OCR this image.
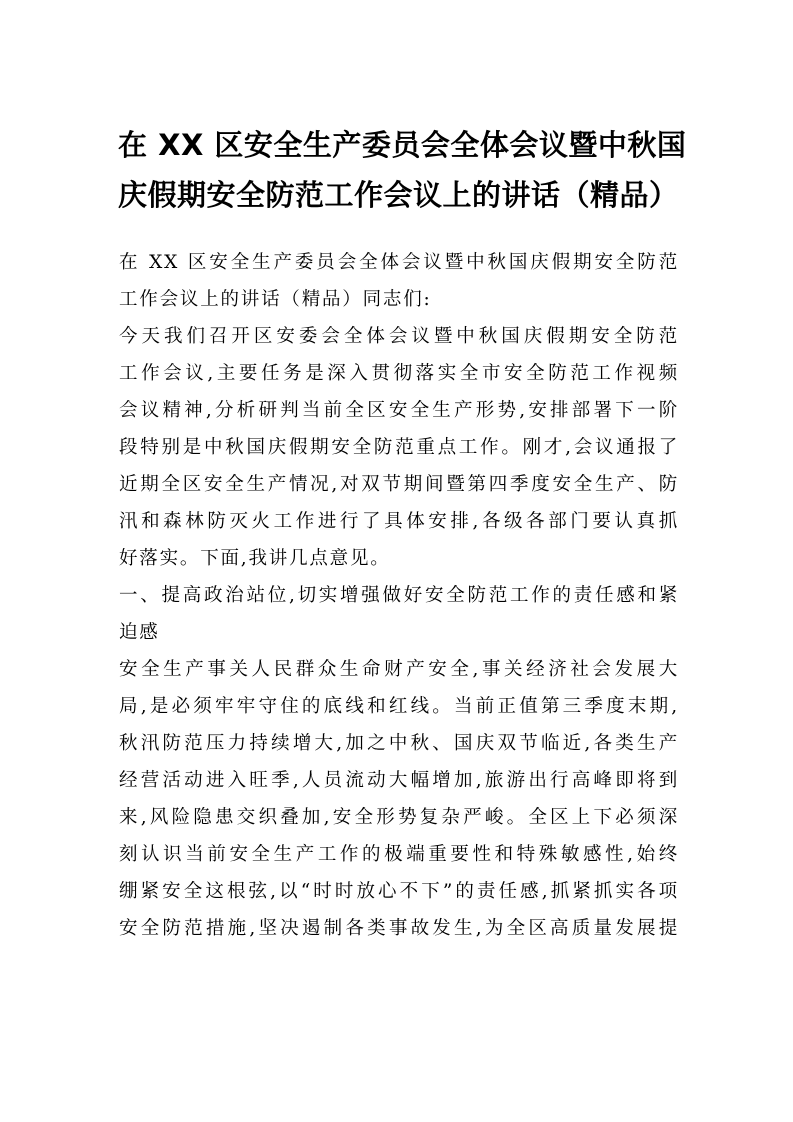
在 XX 区安全生产委员会全体会议暨中秋国
庆假期安全防范工作会议上的讲话（精品）
在 XX 区安全生产委员会全体会议暨中秋国庆假期安全防范
工作会议上的讲话（精品）同志们:
今天我们召开区安委会全体会议暨中秋国庆假期安全防范
工作会议,主要任务是深入贯彻落实全市安全防范工作视频
会议精神,分析研判当前全区安全生产形势,安排部署下一阶
段特别是中秋国庆假期安全防范重点工作。刚才,会议通报了
近期全区安全生产情况,对双节期间暨第四季度安全生产、防
汛和森林防灭火工作进行了具体安排,各级各部门要认真抓
好落实。下面,我讲几点意见。
一、提高政治站位,切实增强做好安全防范工作的责任感和紧
迫感
安全生产事关人民群众生命财产安全,事关经济社会发展大
局,是必须牢牢守住的底线和红线。当前正值第三季度末期,
秋汛防范压力持续增大,加之中秋、国庆双节临近,各类生产
经营活动进入旺季,人员流动大幅增加,旅游出行高峰即将到
来,风险隐患交织叠加,安全形势复杂严峻。全区上下必须深
刻认识当前安全生产工作的极端重要性和特殊敏感性,始终
绷紧安全这根弦,以“时时放心不下”的责任感,抓紧抓实各项
安全防范措施,坚决遏制各类事故发生,为全区高质量发展提
